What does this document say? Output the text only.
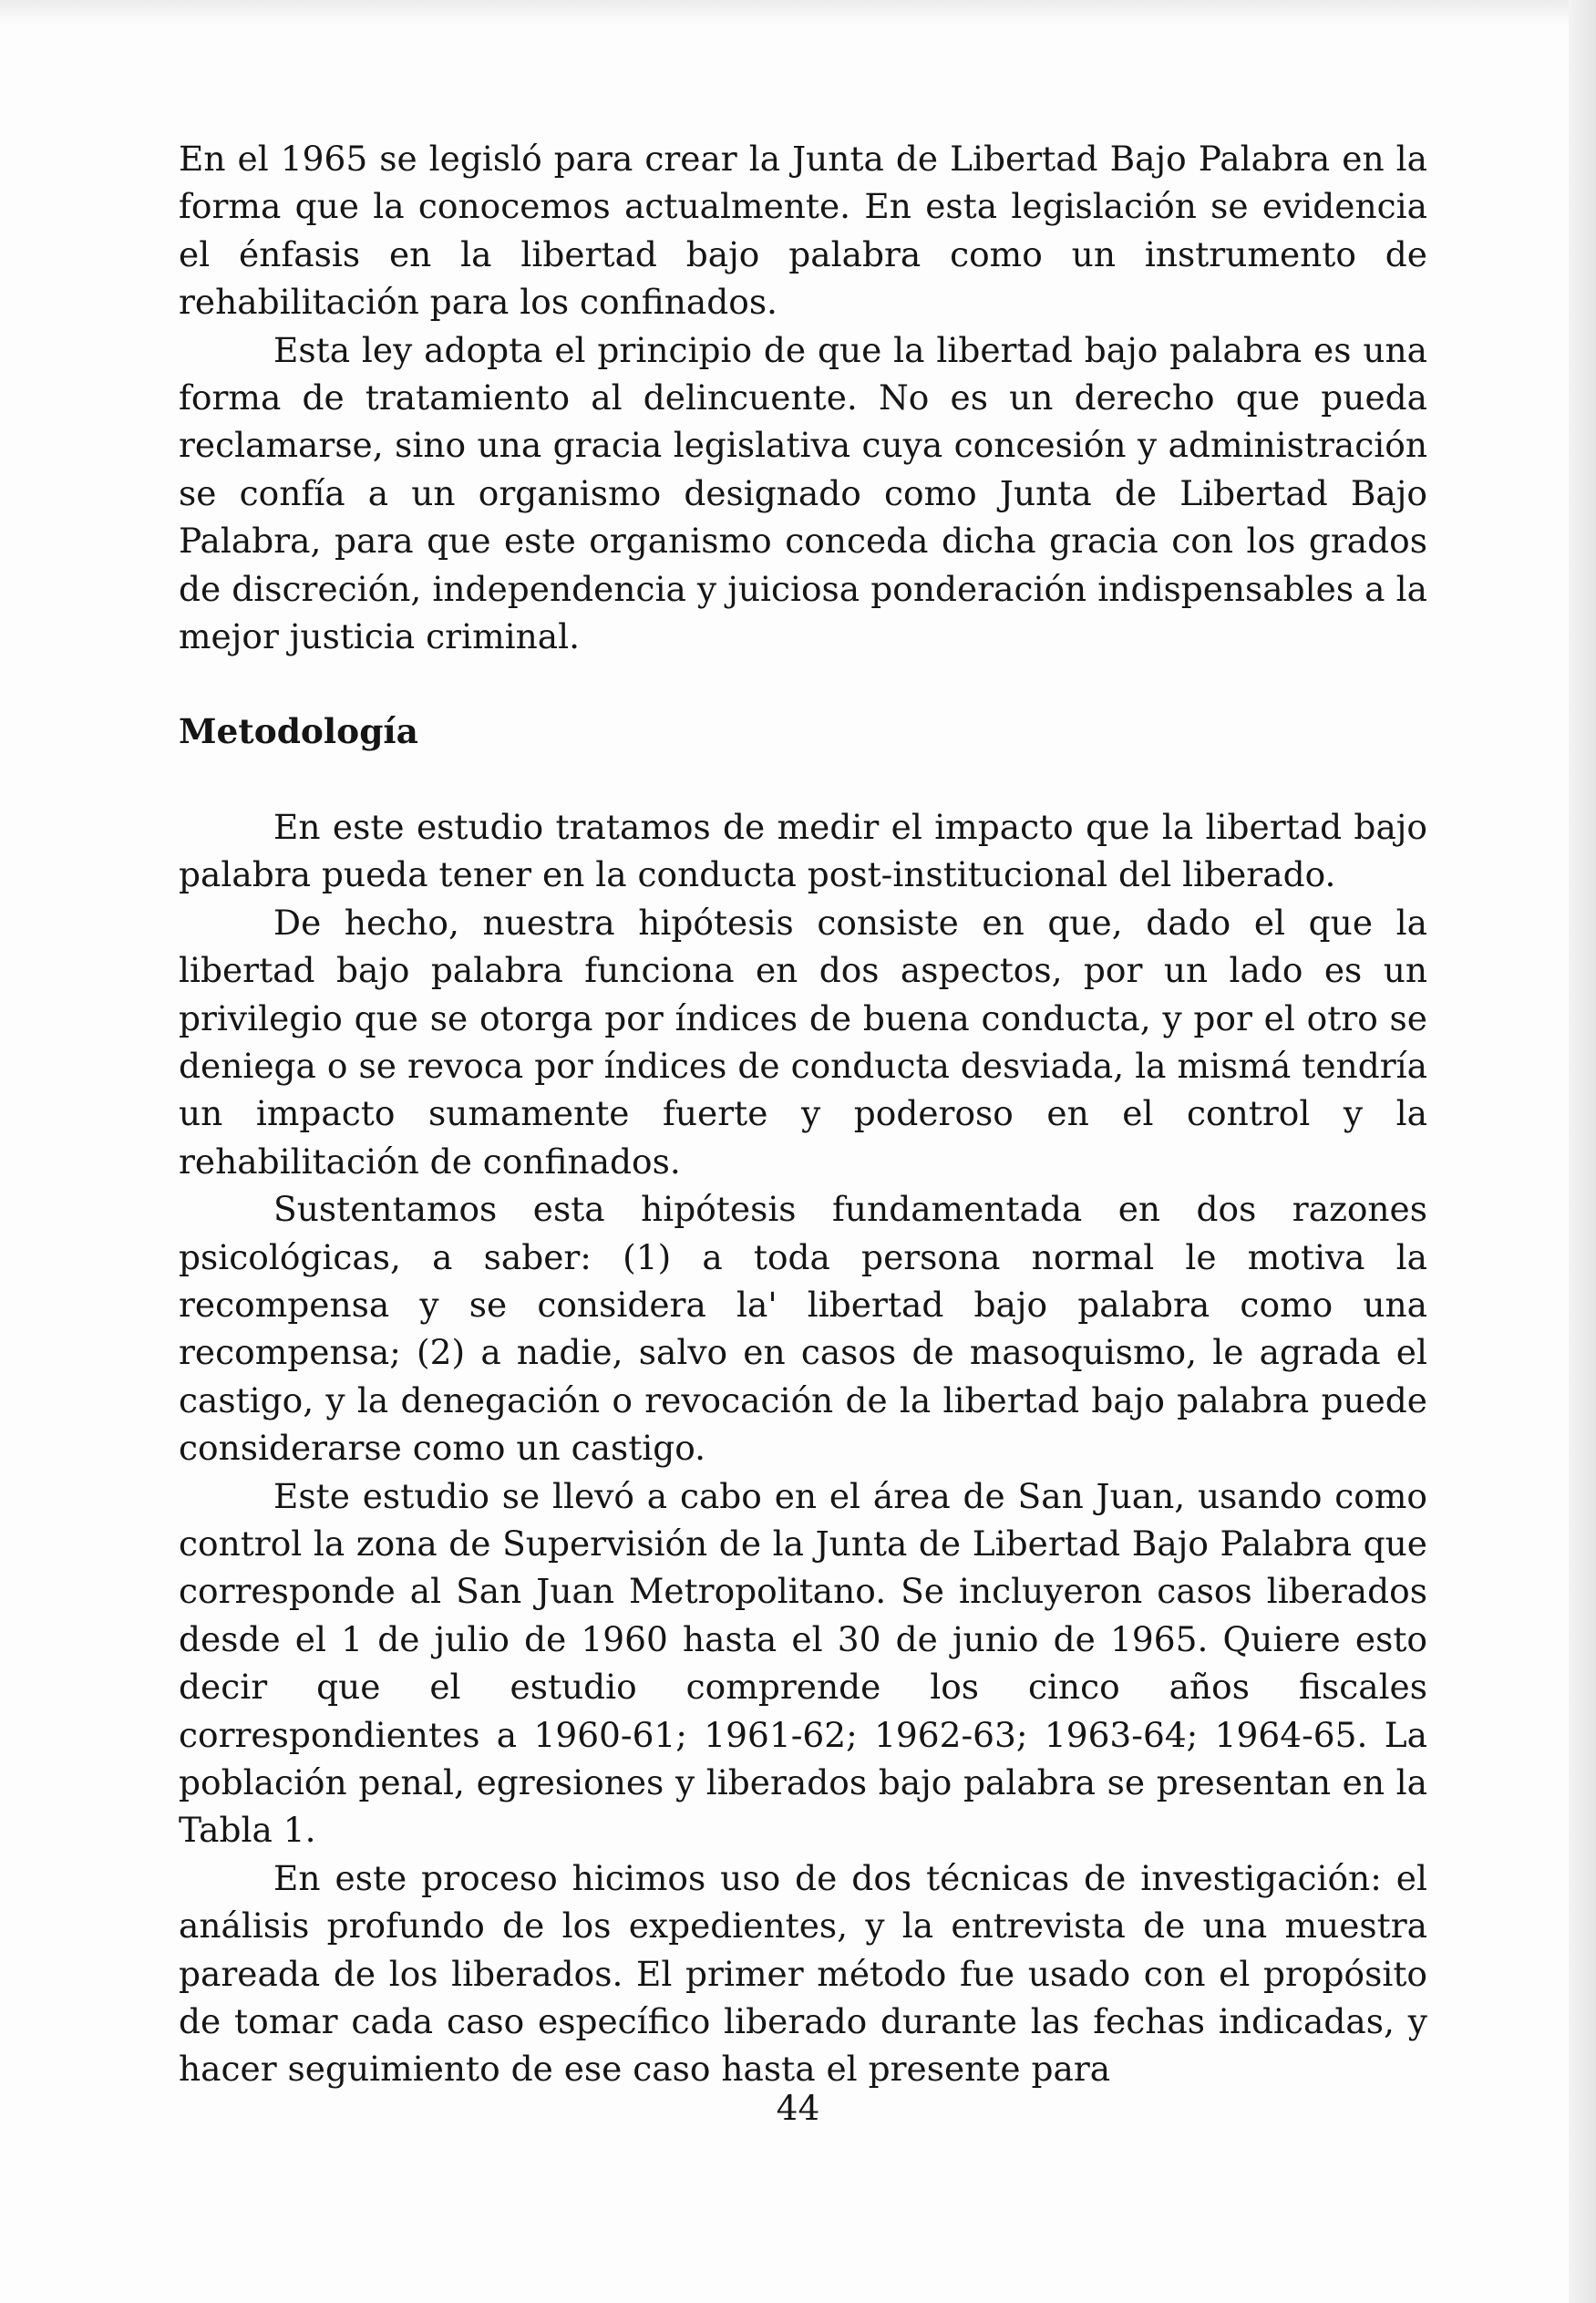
En el 1965 se legisló para crear la Junta de Libertad Bajo Palabra en la forma que la conocemos actualmente. En esta legislación se evidencia el énfasis en la libertad bajo palabra como un instrumento de rehabilitación para los confinados.

Esta ley adopta el principio de que la libertad bajo palabra es una forma de tratamiento al delincuente. No es un derecho que pueda reclamarse, sino una gracia legislativa cuya concesión y administración se confía a un organismo designado como Junta de Libertad Bajo Palabra, para que este organismo conceda dicha gracia con los grados de discreción, independencia y juiciosa ponderación indispensables a la mejor justicia criminal.

Metodología

En este estudio tratamos de medir el impacto que la libertad bajo palabra pueda tener en la conducta post-institucional del liberado.

De hecho, nuestra hipótesis consiste en que, dado el que la libertad bajo palabra funciona en dos aspectos, por un lado es un privilegio que se otorga por índices de buena conducta, y por el otro se deniega o se revoca por índices de conducta desviada, la mismá tendría un impacto sumamente fuerte y poderoso en el control y la rehabilitación de confinados.

Sustentamos esta hipótesis fundamentada en dos razones psicológicas, a saber: (1) a toda persona normal le motiva la recompensa y se considera la' libertad bajo palabra como una recompensa; (2) a nadie, salvo en casos de masoquismo, le agrada el castigo, y la denegación o revocación de la libertad bajo palabra puede considerarse como un castigo.

Este estudio se llevó a cabo en el área de San Juan, usando como control la zona de Supervisión de la Junta de Libertad Bajo Palabra que corresponde al San Juan Metropolitano. Se incluyeron casos liberados desde el 1 de julio de 1960 hasta el 30 de junio de 1965. Quiere esto decir que el estudio comprende los cinco años fiscales correspondientes a 1960-61; 1961-62; 1962-63; 1963-64; 1964-65. La población penal, egresiones y liberados bajo palabra se presentan en la Tabla 1.

En este proceso hicimos uso de dos técnicas de investigación: el análisis profundo de los expedientes, y la entrevista de una muestra pareada de los liberados. El primer método fue usado con el propósito de tomar cada caso específico liberado durante las fechas indicadas, y hacer seguimiento de ese caso hasta el presente para

44
